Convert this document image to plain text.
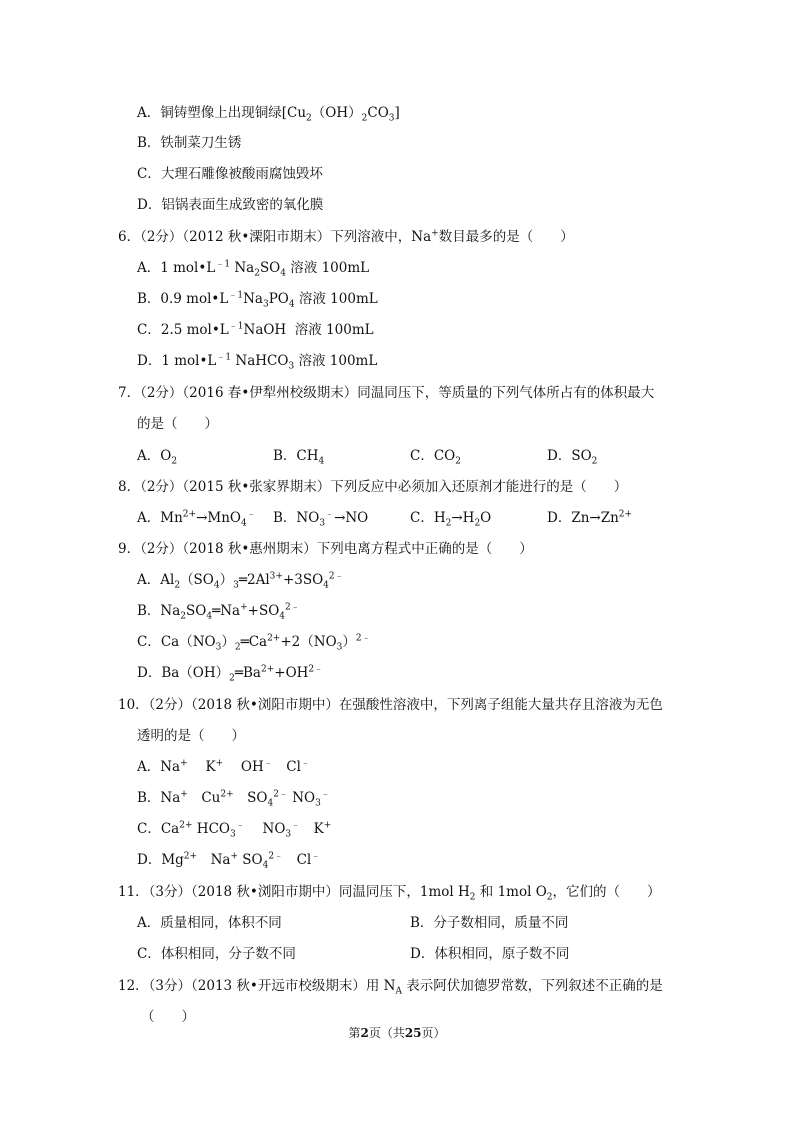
A．铜铸塑像上出现铜绿$[Cu_2(OH)_2CO_3]$
B．铁制菜刀生锈
C．大理石雕像被酸雨腐蚀毁坏
D．铝锅表面生成致密的氧化膜
6．（2分）（2012 秋•溧阳市期末）下列溶液中，Na+数目最多的是（　　）
A．1 $mol•L^{﹣1}$ $Na_2SO_4$ 溶液 100mL
B．0.9 $mol•L^{﹣1}Na_3PO_4$ 溶液 100mL
C．2.5 $mol•L^{﹣1}NaOH$  溶液 100mL
D．1 $mol•L^{﹣1}$ NaHCO$_3$ 溶液 100mL
7．（2分）（2016 春•伊犁州校级期末）同温同压下，等质量的下列气体所占有的体积最大
的是（　　）
A．$O_2$	B．$CH_4$	C．$CO_2$	D．$SO_2$
8．（2分）（2015 秋•张家界期末）下列反应中必须加入还原剂才能进行的是（　　）
A．$Mn^{2+}\to MnO_4^﹣$ B．$NO_3^﹣\to NO$	C．$H_2\to H_2O$	D．$Zn\to Zn^{2+}$
9．（2分）（2018 秋•惠州期末）下列电离方程式中正确的是（　　）
A．$Al_2(SO_4)_3═2Al^{3+}+3SO_4^{2﹣}$
B．$Na_2SO_4═Na^++SO_4^{2﹣}$
C．$Ca(NO_3)_2═Ca^{2+}+2(NO_3)^{2﹣}$
D．$Ba(OH)_2═Ba^{2+}+OH^{2﹣}$
10．（2分）（2018 秋•浏阳市期中）在强酸性溶液中，下列离子组能大量共存且溶液为无色
透明的是（　　）
A．Na+　 K+　 OH﹣　Cl﹣
B．Na+　$Cu^{2+}$　$SO_4^{2﹣}$ $NO_3^﹣$
C．$Ca^{2+}$ $HCO_3^﹣$　 $NO_3^﹣$　K+
D．$Mg^{2+}$　Na+ $SO_4^{2﹣}$　Cl﹣
11．（3分）（2018 秋•浏阳市期中）同温同压下，1mol $H_2$ 和 1mol $O_2$，它们的（　　）
A．质量相同，体积不同	B．分子数相同，质量不同
C．体积相同，分子数不同	D．体积相同，原子数不同
12．（3分）（2013 秋•开远市校级期末）用 $N_A$ 表示阿伏加德罗常数，下列叙述不正确的是
（　　）
第2页（共25页）
